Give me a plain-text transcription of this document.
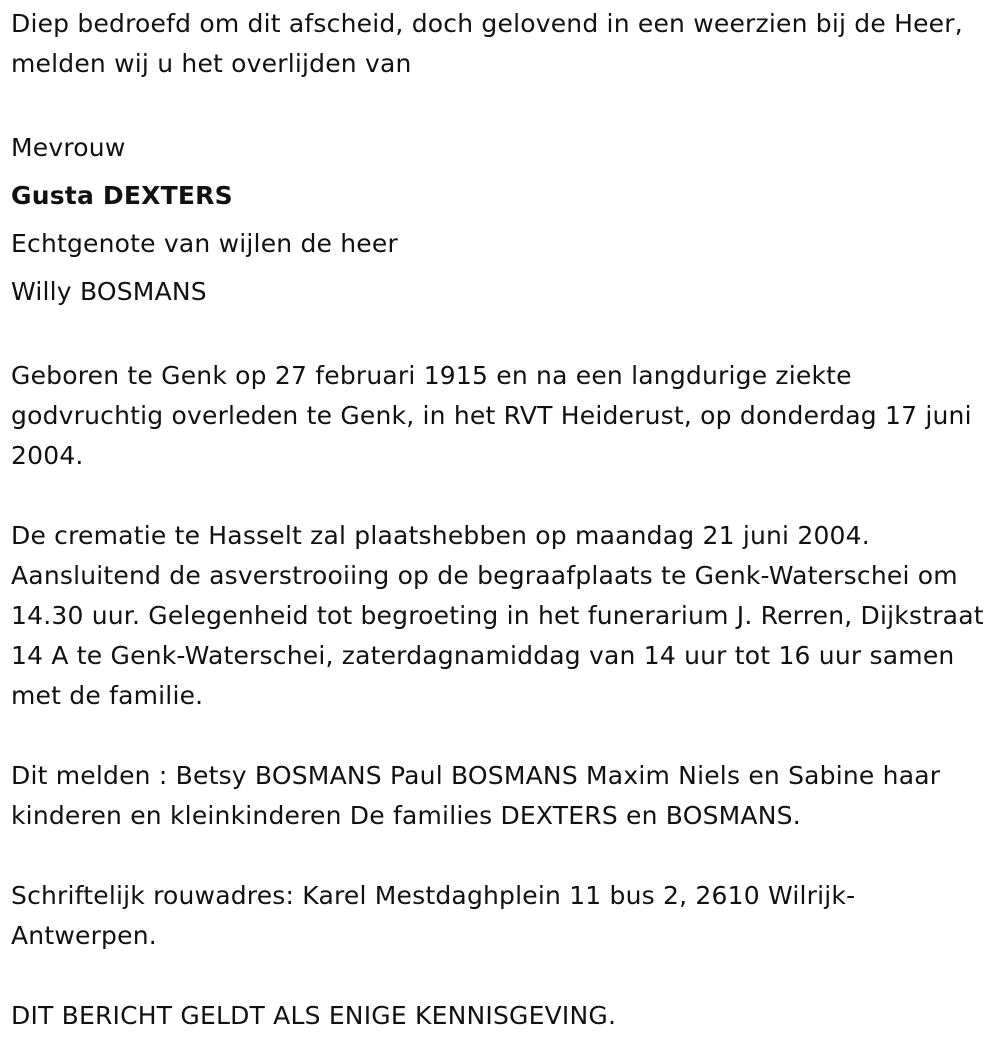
Diep bedroefd om dit afscheid, doch gelovend in een weerzien bij de Heer, melden wij u het overlijden van

Mevrouw

Gusta DEXTERS

Echtgenote van wijlen de heer

Willy BOSMANS

Geboren te Genk op 27 februari 1915 en na een langdurige ziekte godvruchtig overleden te Genk, in het RVT Heiderust, op donderdag 17 juni 2004.

De crematie te Hasselt zal plaatshebben op maandag 21 juni 2004. Aansluitend de asverstrooiing op de begraafplaats te Genk-Waterschei om 14.30 uur. Gelegenheid tot begroeting in het funerarium J. Rerren, Dijkstraat 14 A te Genk-Waterschei, zaterdagnamiddag van 14 uur tot 16 uur samen met de familie.

Dit melden : Betsy BOSMANS Paul BOSMANS Maxim Niels en Sabine haar kinderen en kleinkinderen De families DEXTERS en BOSMANS.

Schriftelijk rouwadres: Karel Mestdaghplein 11 bus 2, 2610 Wilrijk-Antwerpen.

DIT BERICHT GELDT ALS ENIGE KENNISGEVING.
